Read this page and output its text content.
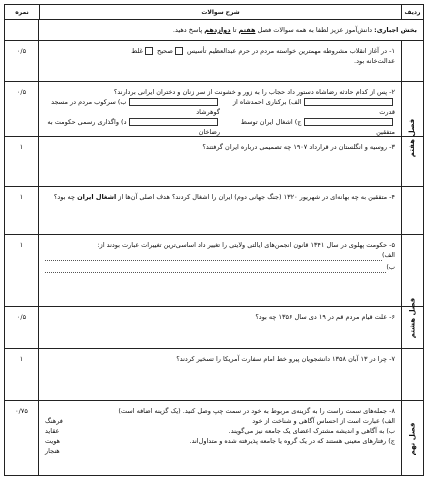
ردیف
شرح سوالات
نمره
بخش اجباری: دانش‌آموز عزیز لطفا به همه سوالات فصل هفتم تا دوازدهم پاسخ دهید.
۱- در آغاز انقلاب مشروطه مهمترین خواسته مردم در حرم عبدالعظیم تأسیس صحیح غلط
عدالت‌خانه بود.
۰/۵
۲- پس از کدام حادثه رضاشاه دستور داد حجاب را به زور و خشونت از سر زنان و دختران ایرانی بردارند؟
الف) برکناری احمدشاه از قدرت
ب) سرکوب مردم در مسجد گوهرشاد
ج) اشغال ایران توسط متفقین
د) واگذاری رسمی حکومت به رضاخان
۰/۵
۳- روسیه و انگلستان در قرارداد ۱۹۰۷ چه تصمیمی درباره ایران گرفتند؟
۱
۴- متفقین به چه بهانه‌ای در شهریور ۱۳۲۰ (جنگ جهانی دوم) ایران را اشغال کردند؟ هدف اصلی آن‌ها از اشغال ایران چه بود؟
۱
۵- حکومت پهلوی در سال ۱۳۴۱ قانون انجمن‌های ایالتی ولایتی را تغییر داد اساسی‌ترین تغییرات عبارت بودند از:
الف)
ب)
۱
۶- علت قیام مردم قم در ۱۹ دی سال ۱۳۵۶ چه بود؟
۰/۵
۷- چرا در ۱۳ آبان ۱۳۵۸ دانشجویان پیرو خط امام سفارت آمریکا را تسخیر کردند؟
۱
۸- جمله‌های سمت راست را به گزینه‌ی مربوط به خود در سمت چپ وصل کنید. (یک گزینه اضافه است)
فرهنگ
عقاید
هویت
هنجار
الف) عبارت است از احساس آگاهی و شناخت از خود
ب) به آگاهی و اندیشه مشترک اعضای یک جامعه نیز می‌گویند.
ج) رفتارهای معینی هستند که در یک گروه یا جامعه پذیرفته شده و متداول‌اند.
۰/۷۵
فصل هفتم
فصل هشتم
فصل نهم
